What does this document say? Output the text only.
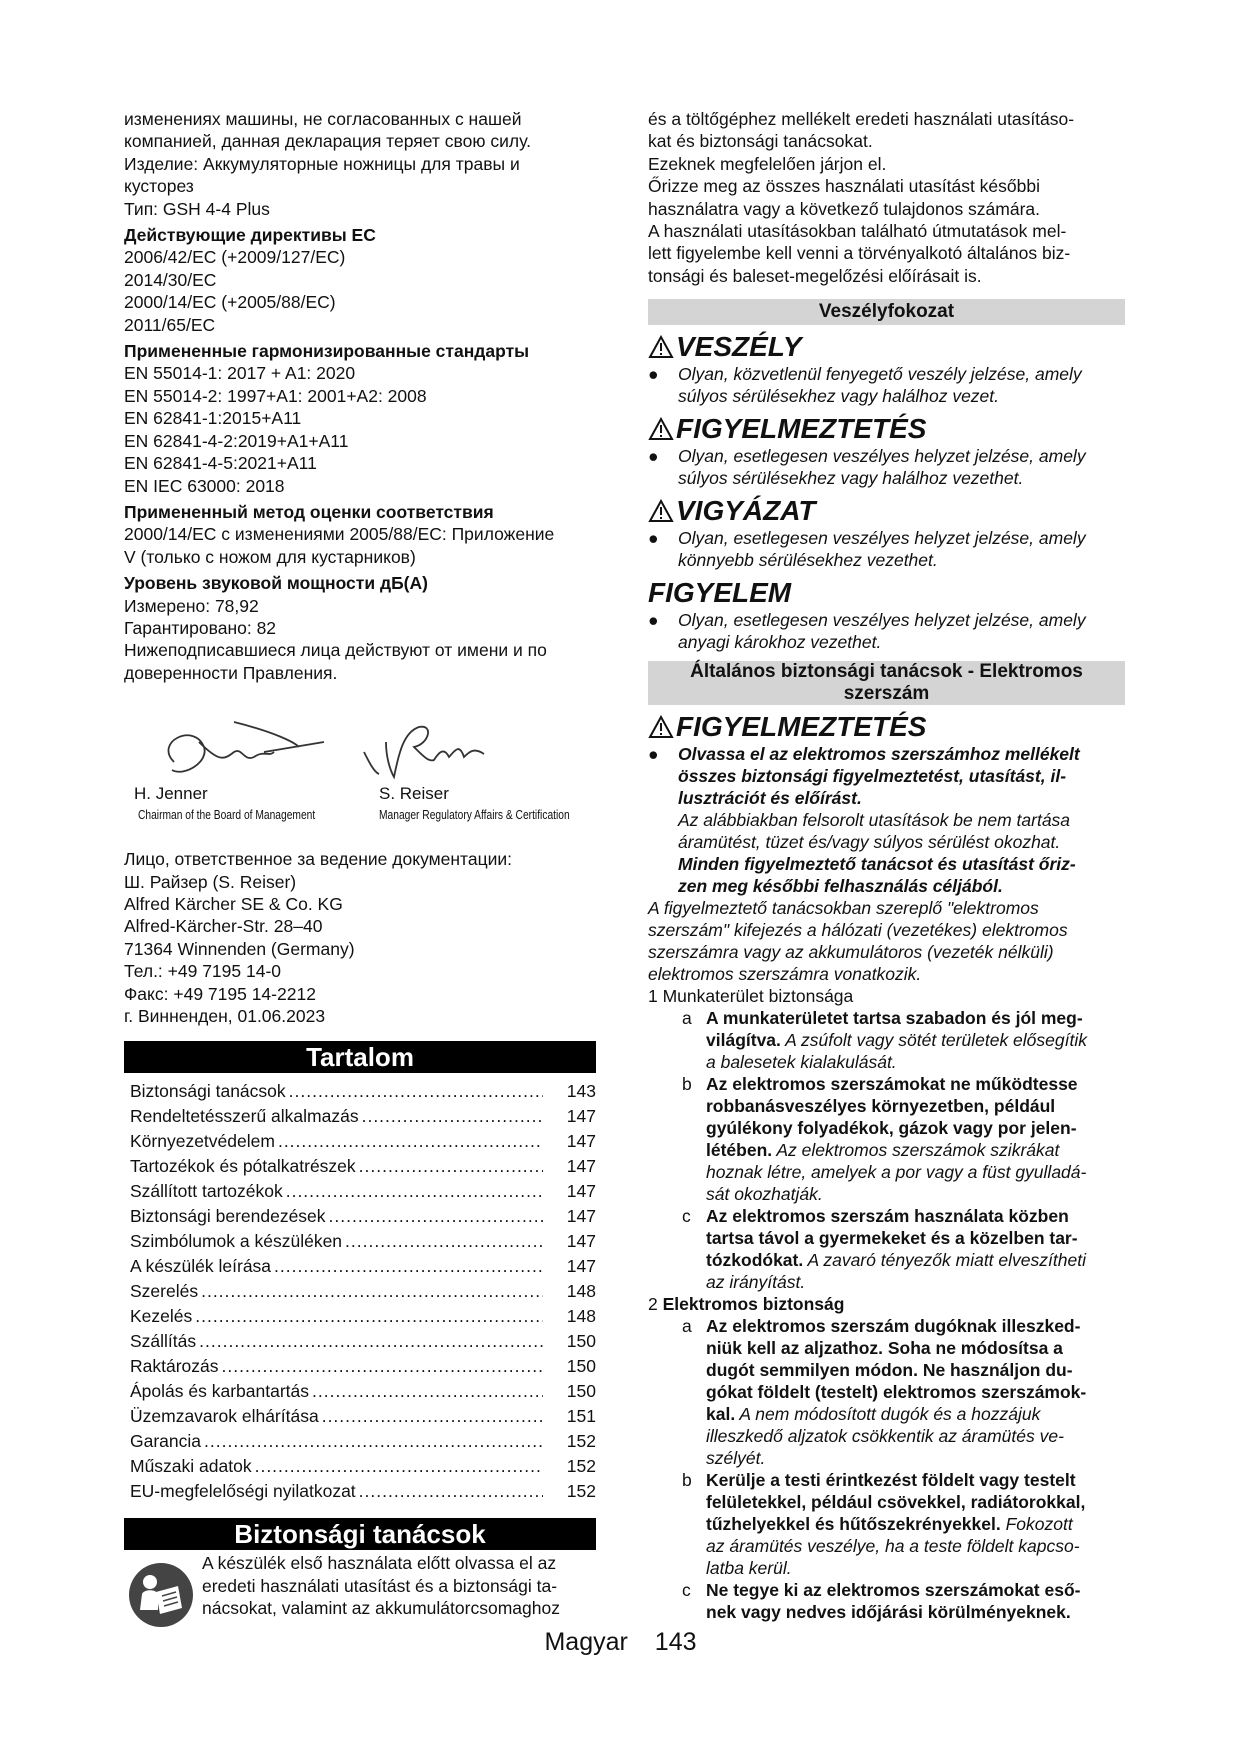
изменениях машины, не согласованных с нашей

компанией, данная декларация теряет свою силу.

Изделие: Аккумуляторные ножницы для травы и

кусторез

Тип: GSH 4-4 Plus

Действующие директивы ЕС

2006/42/EC (+2009/127/EC)

2014/30/EC

2000/14/EC (+2005/88/EC)

2011/65/EC

Примененные гармонизированные стандарты

EN 55014-1: 2017 + A1: 2020

EN 55014-2: 1997+A1: 2001+A2: 2008

EN 62841-1:2015+A11

EN 62841-4-2:2019+A1+A11

EN 62841-4-5:2021+A11

EN IEC 63000: 2018

Примененный метод оценки соответствия

2000/14/EC с изменениями 2005/88/EC: Приложение

V (только с ножом для кустарников)

Уровень звуковой мощности дБ(А)

Измерено: 78,92

Гарантировано: 82

Нижеподписавшиеся лица действуют от имени и по

доверенности Правления.

H. Jenner
Chairman of the Board of Management
S. Reiser
Manager Regulatory Affairs & Certification

Лицо, ответственное за ведение документации:

Ш. Райзер (S. Reiser)

Alfred Kärcher SE & Co. KG

Alfred-Kärcher-Str. 28–40

71364 Winnenden (Germany)

Тел.: +49 7195 14-0

Факс: +49 7195 14-2212

г. Винненден, 01.06.2023

Tartalom
Biztonsági tanácsok .....	143
Rendeltetésszerű alkalmazás .....	147
Környezetvédelem .....	147
Tartozékok és pótalkatrészek .....	147
Szállított tartozékok .....	147
Biztonsági berendezések .....	147
Szimbólumok a készüléken .....	147
A készülék leírása .....	147
Szerelés .....	148
Kezelés .....	148
Szállítás .....	150
Raktározás .....	150
Ápolás és karbantartás .....	150
Üzemzavarok elhárítása .....	151
Garancia .....	152
Műszaki adatok .....	152
EU-megfelelőségi nyilatkozat .....	152
Biztonsági tanácsok

A készülék első használata előtt olvassa el az

eredeti használati utasítást és a biztonsági ta-

nácsokat, valamint az akkumulátorcsomaghoz

és a töltőgéphez mellékelt eredeti használati utasításo-

kat és biztonsági tanácsokat.

Ezeknek megfelelően járjon el.

Őrizze meg az összes használati utasítást későbbi

használatra vagy a következő tulajdonos számára.

A használati utasításokban található útmutatások mel-

lett figyelembe kell venni a törvényalkotó általános biz-

tonsági és baleset-megelőzési előírásait is.

Veszélyfokozat
VESZÉLY
● Olyan, közvetlenül fenyegető veszély jelzése, amely
súlyos sérülésekhez vagy halálhoz vezet.
FIGYELMEZTETÉS
● Olyan, esetlegesen veszélyes helyzet jelzése, amely
súlyos sérülésekhez vagy halálhoz vezethet.
VIGYÁZAT
● Olyan, esetlegesen veszélyes helyzet jelzése, amely
könnyebb sérülésekhez vezethet.
FIGYELEM
● Olyan, esetlegesen veszélyes helyzet jelzése, amely
anyagi károkhoz vezethet.
Általános biztonsági tanácsok - Elektromos
szerszám
FIGYELMEZTETÉS
● Olvassa el az elektromos szerszámhoz mellékelt
összes biztonsági figyelmeztetést, utasítást, il-
lusztrációt és előírást.
Az alábbiakban felsorolt utasítások be nem tartása
áramütést, tüzet és/vagy súlyos sérülést okozhat.
Minden figyelmeztető tanácsot és utasítást őriz-
zen meg későbbi felhasználás céljából.
A figyelmeztető tanácsokban szereplő "elektromos
szerszám" kifejezés a hálózati (vezetékes) elektromos
szerszámra vagy az akkumulátoros (vezeték nélküli)
elektromos szerszámra vonatkozik.
1 Munkaterület biztonsága
a A munkaterületet tartsa szabadon és jól meg-
világítva. A zsúfolt vagy sötét területek elősegítik
a balesetek kialakulását.
b Az elektromos szerszámokat ne működtesse
robbanásveszélyes környezetben, például
gyúlékony folyadékok, gázok vagy por jelen-
létében. Az elektromos szerszámok szikrákat
hoznak létre, amelyek a por vagy a füst gyulladá-
sát okozhatják.
c Az elektromos szerszám használata közben
tartsa távol a gyermekeket és a közelben tar-
tózkodókat. A zavaró tényezők miatt elveszítheti
az irányítást.
2 Elektromos biztonság
a Az elektromos szerszám dugóknak illeszked-
niük kell az aljzathoz. Soha ne módosítsa a
dugót semmilyen módon. Ne használjon du-
gókat földelt (testelt) elektromos szerszámok-
kal. A nem módosított dugók és a hozzájuk
illeszkedő aljzatok csökkentik az áramütés ve-
szélyét.
b Kerülje a testi érintkezést földelt vagy testelt
felületekkel, például csövekkel, radiátorokkal,
tűzhelyekkel és hűtőszekrényekkel. Fokozott
az áramütés veszélye, ha a teste földelt kapcso-
latba kerül.
c Ne tegye ki az elektromos szerszámokat eső-
nek vagy nedves időjárási körülményeknek.
Magyar 143
